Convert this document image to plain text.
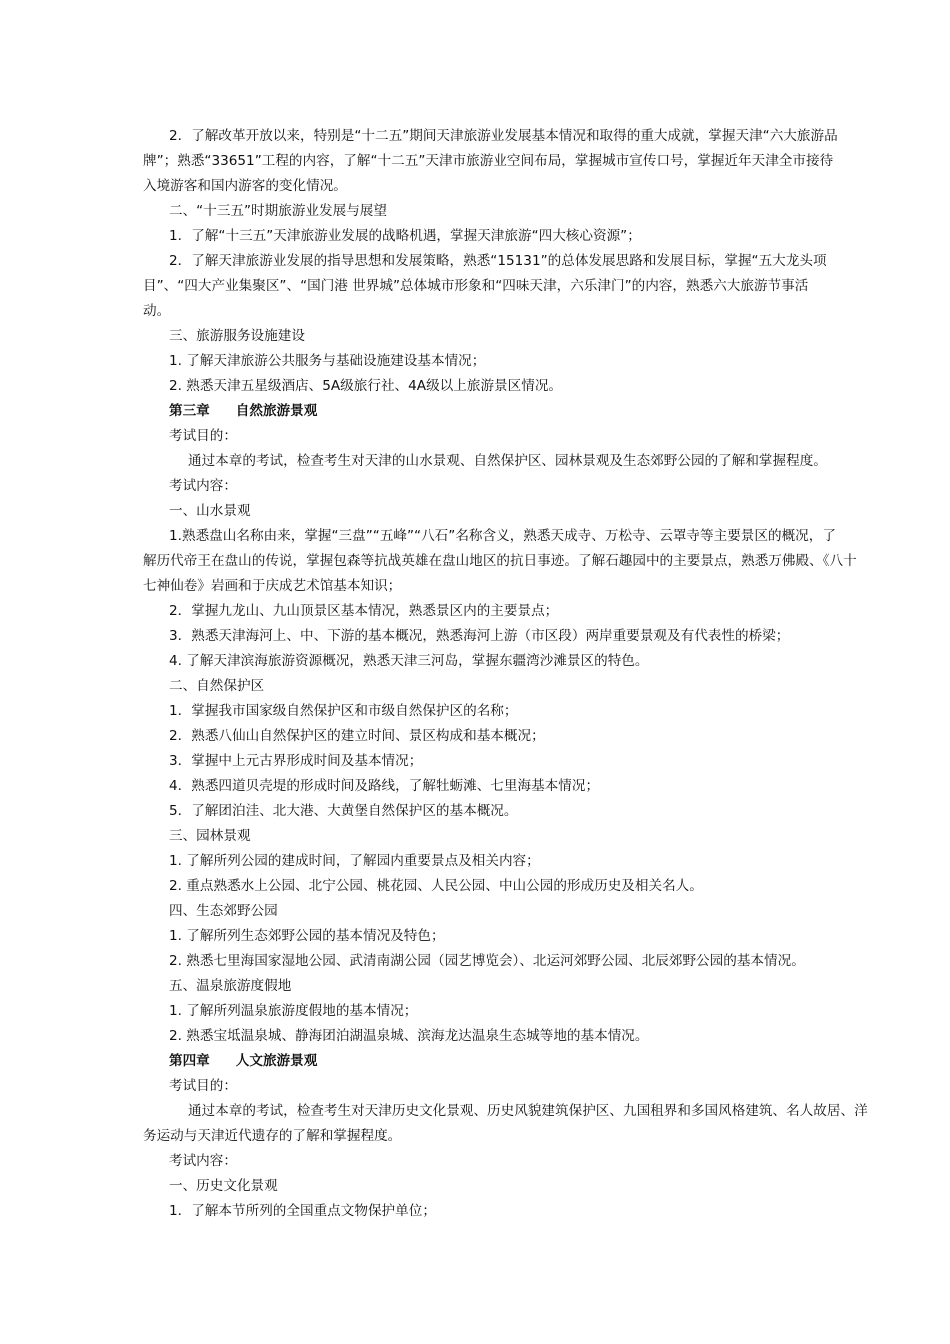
2．了解改革开放以来，特别是“十二五”期间天津旅游业发展基本情况和取得的重大成就，掌握天津“六大旅游品
牌”；熟悉“33651”工程的内容，了解“十二五”天津市旅游业空间布局，掌握城市宣传口号，掌握近年天津全市接待
入境游客和国内游客的变化情况。
二、“十三五”时期旅游业发展与展望
1．了解“十三五”天津旅游业发展的战略机遇，掌握天津旅游“四大核心资源”；
2．了解天津旅游业发展的指导思想和发展策略，熟悉“15131”的总体发展思路和发展目标，掌握“五大龙头项
目”、“四大产业集聚区”、“国门港 世界城”总体城市形象和“四味天津，六乐津门”的内容，熟悉六大旅游节事活
动。
三、旅游服务设施建设
1. 了解天津旅游公共服务与基础设施建设基本情况；
2. 熟悉天津五星级酒店、5A级旅行社、4A级以上旅游景区情况。
第三章 自然旅游景观
考试目的：
通过本章的考试，检查考生对天津的山水景观、自然保护区、园林景观及生态郊野公园的了解和掌握程度。
考试内容：
一、山水景观
1.熟悉盘山名称由来，掌握“三盘”“五峰”“八石”名称含义，熟悉天成寺、万松寺、云罩寺等主要景区的概况，了
解历代帝王在盘山的传说，掌握包森等抗战英雄在盘山地区的抗日事迹。了解石趣园中的主要景点，熟悉万佛殿、《八十
七神仙卷》岩画和于庆成艺术馆基本知识；
2．掌握九龙山、九山顶景区基本情况，熟悉景区内的主要景点；
3．熟悉天津海河上、中、下游的基本概况，熟悉海河上游（市区段）两岸重要景观及有代表性的桥梁；
4. 了解天津滨海旅游资源概况，熟悉天津三河岛，掌握东疆湾沙滩景区的特色。
二、自然保护区
1．掌握我市国家级自然保护区和市级自然保护区的名称；
2．熟悉八仙山自然保护区的建立时间、景区构成和基本概况；
3．掌握中上元古界形成时间及基本情况；
4．熟悉四道贝壳堤的形成时间及路线，了解牡蛎滩、七里海基本情况；
5．了解团泊洼、北大港、大黄堡自然保护区的基本概况。
三、园林景观
1. 了解所列公园的建成时间，了解园内重要景点及相关内容；
2. 重点熟悉水上公园、北宁公园、桃花园、人民公园、中山公园的形成历史及相关名人。
四、生态郊野公园
1. 了解所列生态郊野公园的基本情况及特色；
2. 熟悉七里海国家湿地公园、武清南湖公园（园艺博览会）、北运河郊野公园、北辰郊野公园的基本情况。
五、温泉旅游度假地
1. 了解所列温泉旅游度假地的基本情况；
2. 熟悉宝坻温泉城、静海团泊湖温泉城、滨海龙达温泉生态城等地的基本情况。
第四章 人文旅游景观
考试目的：
通过本章的考试，检查考生对天津历史文化景观、历史风貌建筑保护区、九国租界和多国风格建筑、名人故居、洋
务运动与天津近代遗存的了解和掌握程度。
考试内容：
一、历史文化景观
1．了解本节所列的全国重点文物保护单位；
